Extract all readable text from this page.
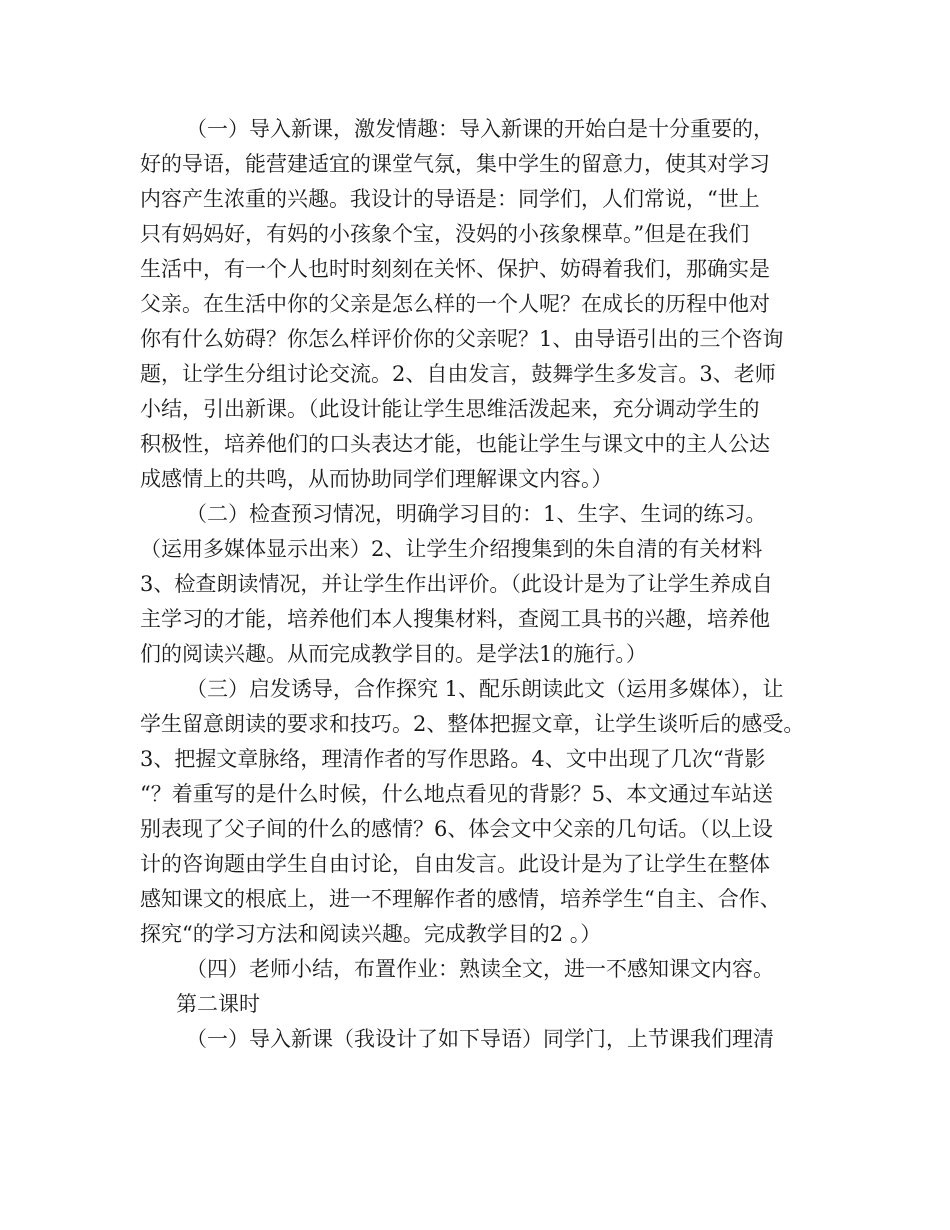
（一）导入新课，激发情趣：导入新课的开始白是十分重要的，
好的导语，能营建适宜的课堂气氛，集中学生的留意力，使其对学习
内容产生浓重的兴趣。我设计的导语是：同学们，人们常说，“世上
只有妈妈好，有妈的小孩象个宝，没妈的小孩象棵草。”但是在我们
生活中，有一个人也时时刻刻在关怀、保护、妨碍着我们，那确实是
父亲。在生活中你的父亲是怎么样的一个人呢？在成长的历程中他对
你有什么妨碍？你怎么样评价你的父亲呢？1、由导语引出的三个咨询
题，让学生分组讨论交流。2、自由发言，鼓舞学生多发言。3、老师
小结，引出新课。（此设计能让学生思维活泼起来，充分调动学生的
积极性，培养他们的口头表达才能，也能让学生与课文中的主人公达
成感情上的共鸣，从而协助同学们理解课文内容。）
（二）检查预习情况，明确学习目的：1、生字、生词的练习。
（运用多媒体显示出来）2、让学生介绍搜集到的朱自清的有关材料
3、检查朗读情况，并让学生作出评价。（此设计是为了让学生养成自
主学习的才能，培养他们本人搜集材料，查阅工具书的兴趣，培养他
们的阅读兴趣。从而完成教学目的。是学法1的施行。）
（三）启发诱导，合作探究 1、配乐朗读此文（运用多媒体），让
学生留意朗读的要求和技巧。2、整体把握文章，让学生谈听后的感受。
3、把握文章脉络，理清作者的写作思路。4、文中出现了几次“背影
“？着重写的是什么时候，什么地点看见的背影？5、本文通过车站送
别表现了父子间的什么的感情？6、体会文中父亲的几句话。（以上设
计的咨询题由学生自由讨论，自由发言。此设计是为了让学生在整体
感知课文的根底上，进一不理解作者的感情，培养学生“自主、合作、
探究“的学习方法和阅读兴趣。完成教学目的2 。）
（四）老师小结，布置作业：熟读全文，进一不感知课文内容。
第二课时
（一）导入新课（我设计了如下导语）同学门，上节课我们理清
